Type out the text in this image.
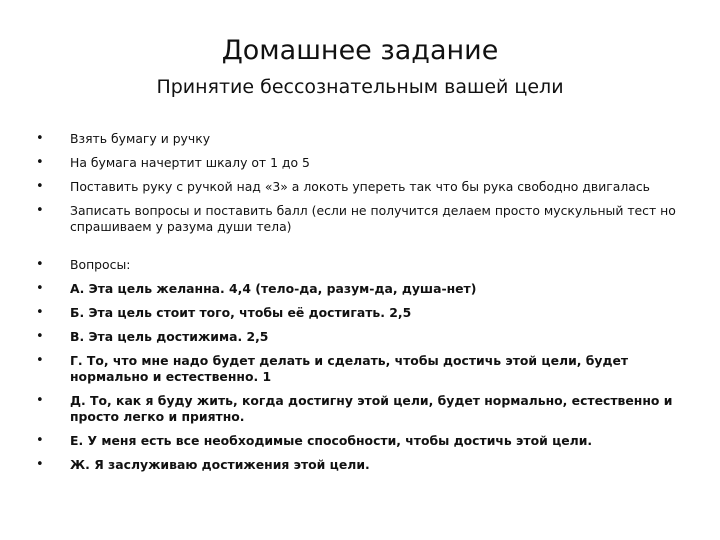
Домашнее задание
Принятие бессознательным вашей цели
• Взять бумагу и ручку
• На бумага начертит шкалу от 1 до 5
• Поставить руку с ручкой над «3» а локоть упереть так что бы рука свободно двигалась
• Записать вопросы и поставить балл (если не получится делаем просто мускульный тест но спрашиваем у разума души тела)
• Вопросы:
• А. Эта цель желанна. 4,4 (тело-да, разум-да, душа-нет)
• Б. Эта цель стоит того, чтобы её достигать. 2,5
• В. Эта цель достижима. 2,5
• Г. То, что мне надо будет делать и сделать, чтобы достичь этой цели, будет нормально и естественно. 1
• Д. То, как я буду жить, когда достигну этой цели, будет нормально, естественно и просто легко и приятно.
• Е. У меня есть все необходимые способности, чтобы достичь этой цели.
• Ж. Я заслуживаю достижения этой цели.
